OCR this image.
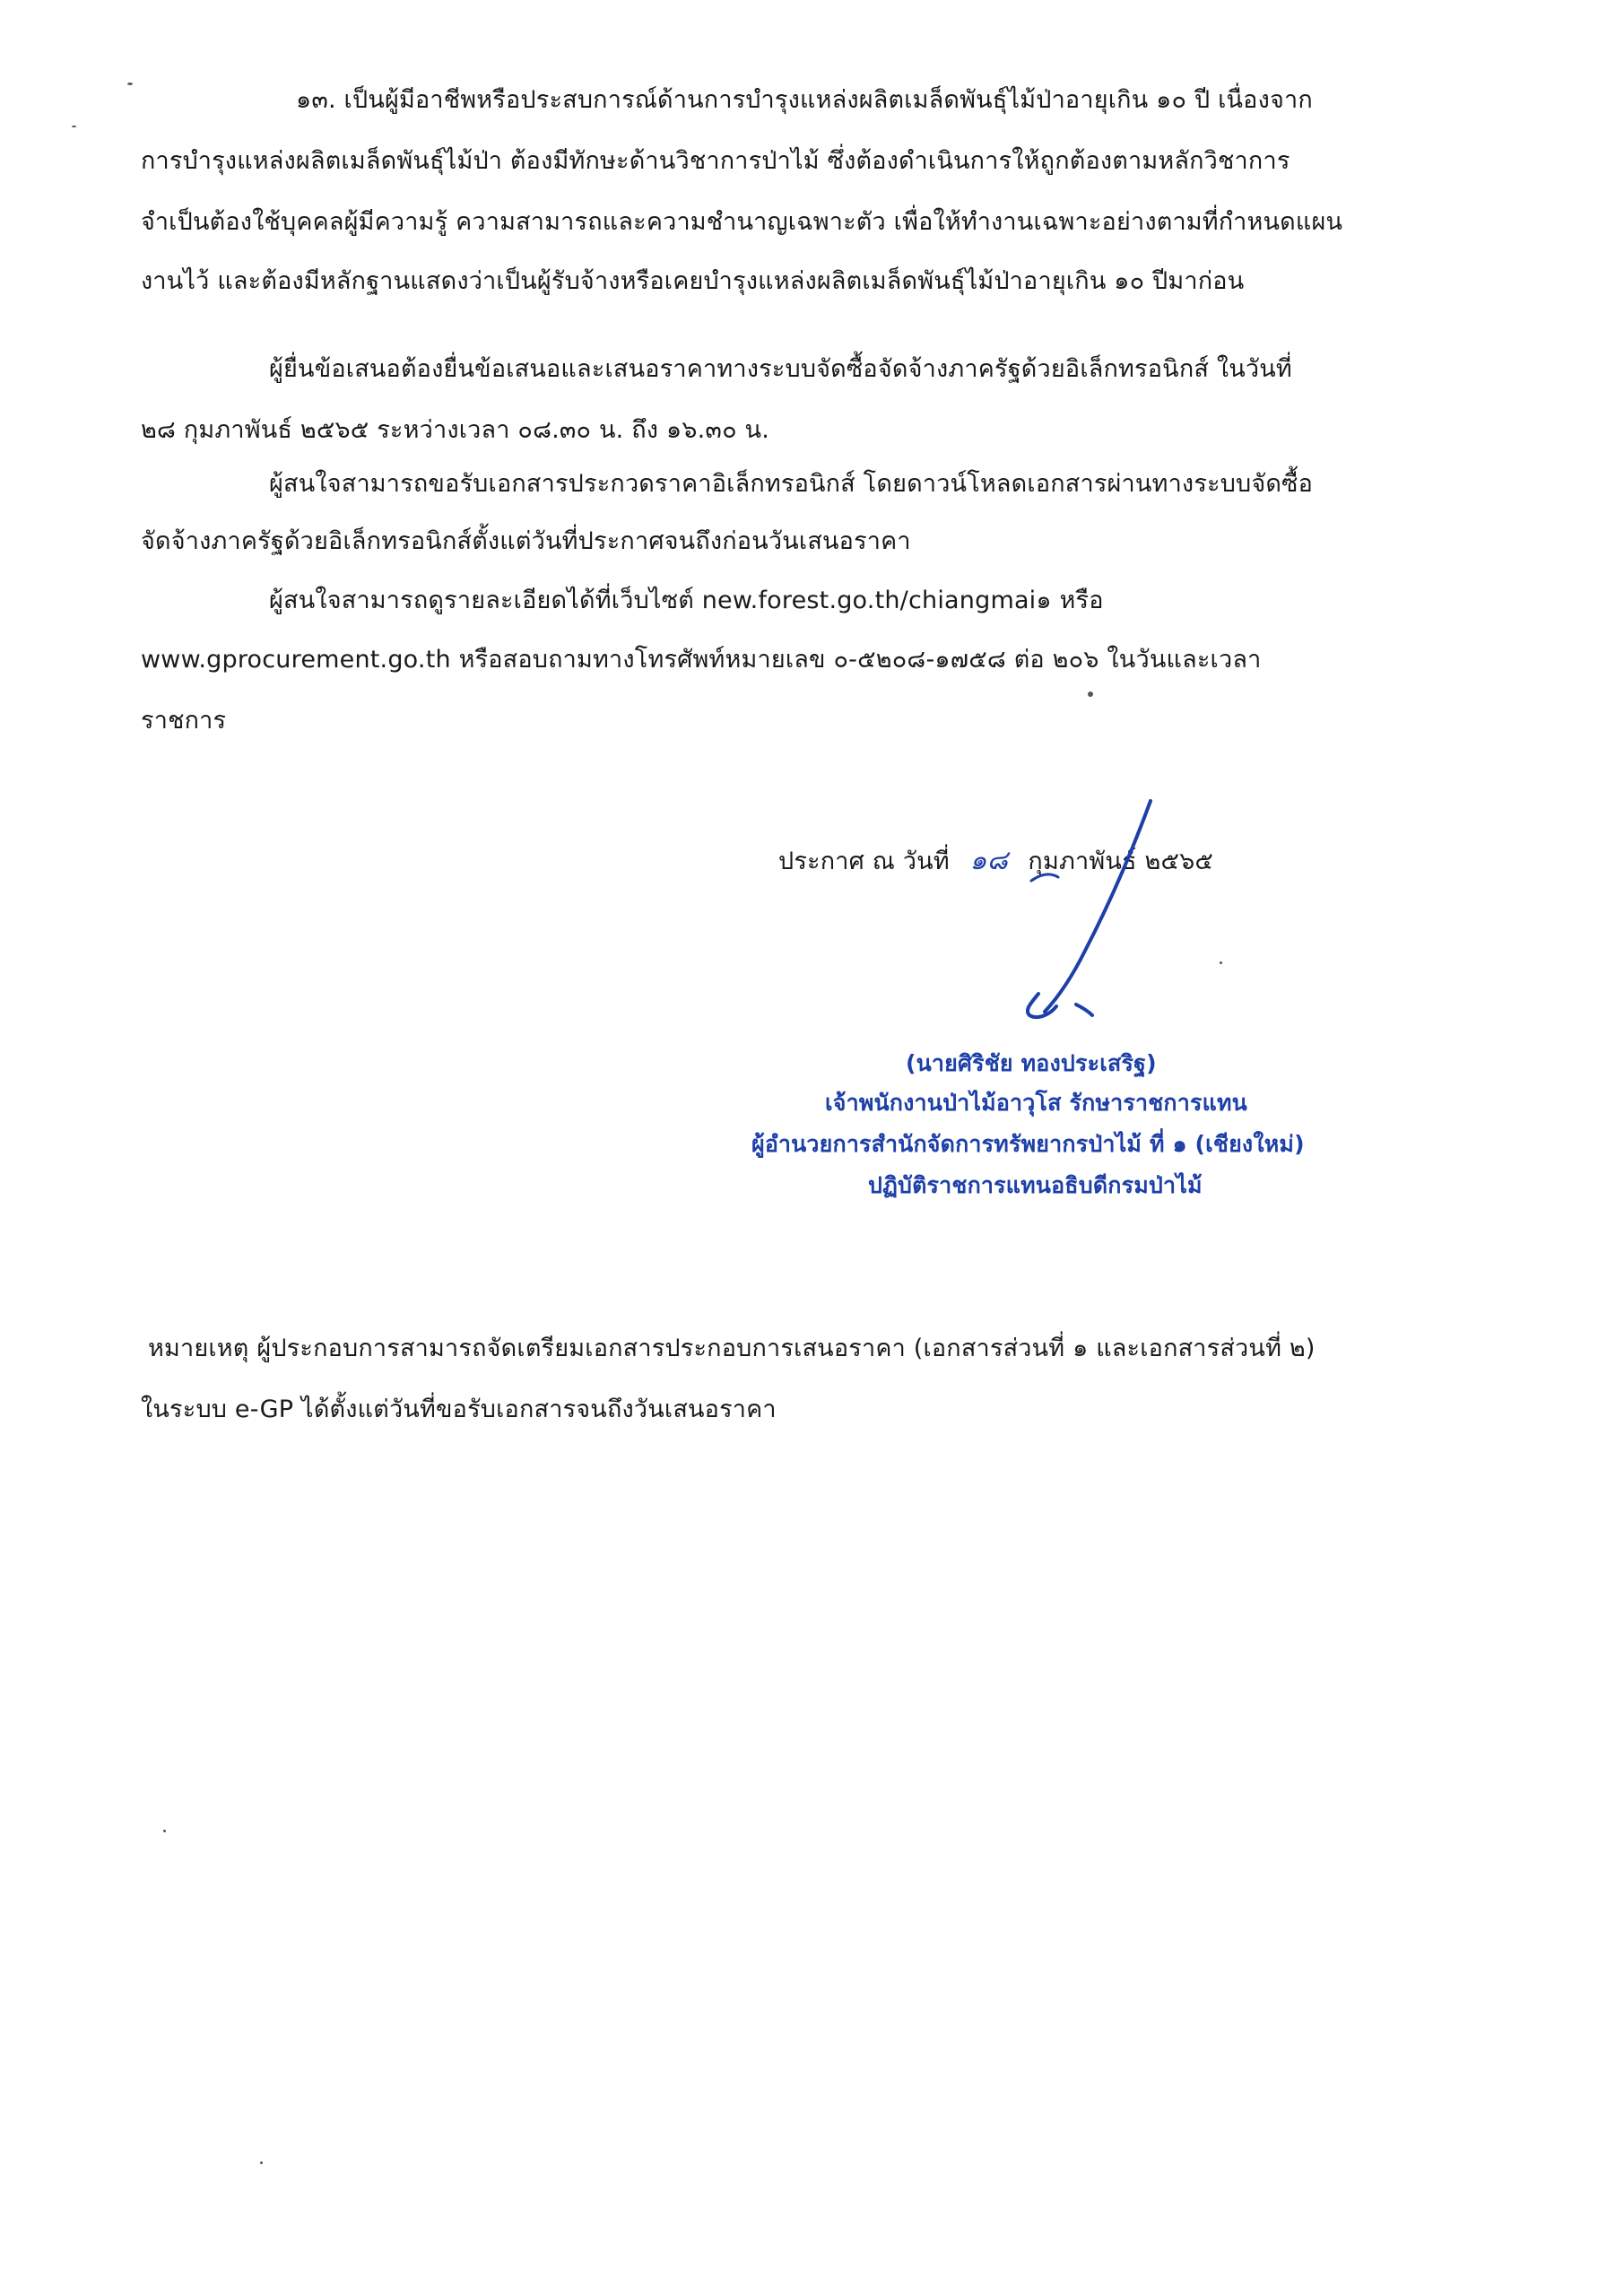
๑๓. เป็นผู้มีอาชีพหรือประสบการณ์ด้านการบำรุงแหล่งผลิตเมล็ดพันธุ์ไม้ป่าอายุเกิน ๑๐ ปี เนื่องจาก
การบำรุงแหล่งผลิตเมล็ดพันธุ์ไม้ป่า ต้องมีทักษะด้านวิชาการป่าไม้ ซึ่งต้องดำเนินการให้ถูกต้องตามหลักวิชาการ
จำเป็นต้องใช้บุคคลผู้มีความรู้ ความสามารถและความชำนาญเฉพาะตัว เพื่อให้ทำงานเฉพาะอย่างตามที่กำหนดแผน
งานไว้ และต้องมีหลักฐานแสดงว่าเป็นผู้รับจ้างหรือเคยบำรุงแหล่งผลิตเมล็ดพันธุ์ไม้ป่าอายุเกิน ๑๐ ปีมาก่อน
ผู้ยื่นข้อเสนอต้องยื่นข้อเสนอและเสนอราคาทางระบบจัดซื้อจัดจ้างภาครัฐด้วยอิเล็กทรอนิกส์ ในวันที่
๒๘ กุมภาพันธ์ ๒๕๖๕ ระหว่างเวลา ๐๘.๓๐ น. ถึง ๑๖.๓๐ น.
ผู้สนใจสามารถขอรับเอกสารประกวดราคาอิเล็กทรอนิกส์ โดยดาวน์โหลดเอกสารผ่านทางระบบจัดซื้อ
จัดจ้างภาครัฐด้วยอิเล็กทรอนิกส์ตั้งแต่วันที่ประกาศจนถึงก่อนวันเสนอราคา
ผู้สนใจสามารถดูรายละเอียดได้ที่เว็บไซต์ new.forest.go.th/chiangmai๑ หรือ
www.gprocurement.go.th หรือสอบถามทางโทรศัพท์หมายเลข ๐-๕๒๐๘-๑๗๕๘ ต่อ ๒๐๖ ในวันและเวลา
ราชการ
ประกาศ ณ วันที่ ๑๘ กุมภาพันธ์ ๒๕๖๕
(นายศิริชัย ทองประเสริฐ)
เจ้าพนักงานป่าไม้อาวุโส รักษาราชการแทน
ผู้อำนวยการสำนักจัดการทรัพยากรป่าไม้ ที่ ๑ (เชียงใหม่)
ปฏิบัติราชการแทนอธิบดีกรมป่าไม้
หมายเหตุ ผู้ประกอบการสามารถจัดเตรียมเอกสารประกอบการเสนอราคา (เอกสารส่วนที่ ๑ และเอกสารส่วนที่ ๒)
ในระบบ e-GP ได้ตั้งแต่วันที่ขอรับเอกสารจนถึงวันเสนอราคา
